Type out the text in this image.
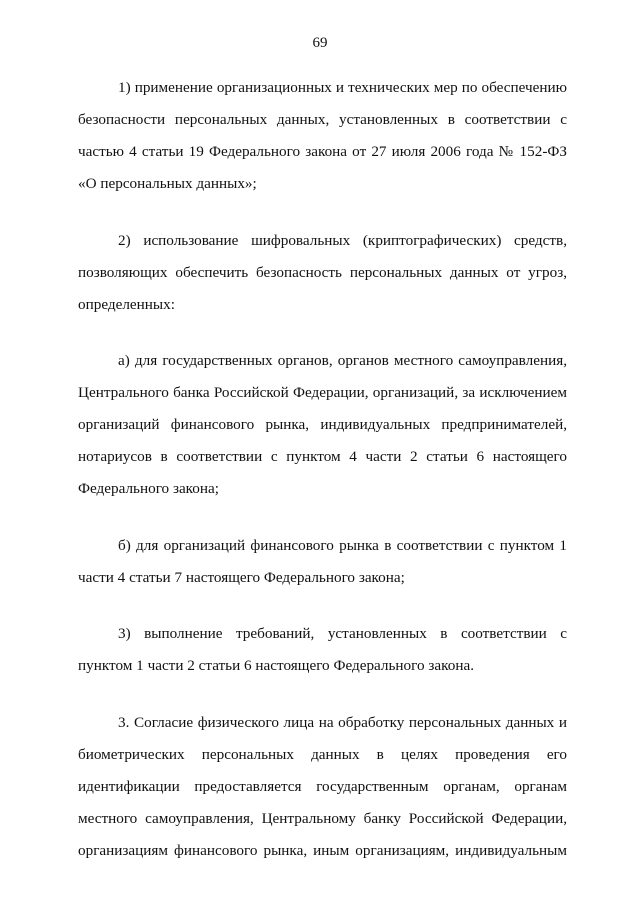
69

1) применение организационных и технических мер по обеспечению
безопасности персональных данных, установленных в соответствии с
частью 4 статьи 19 Федерального закона от 27 июля 2006 года № 152-ФЗ
«О персональных данных»;

2) использование шифровальных (криптографических) средств,
позволяющих обеспечить безопасность персональных данных от угроз,
определенных:

а) для государственных органов, органов местного самоуправления,
Центрального банка Российской Федерации, организаций, за исключением
организаций финансового рынка, индивидуальных предпринимателей,
нотариусов в соответствии с пунктом 4 части 2 статьи 6 настоящего
Федерального закона;

б) для организаций финансового рынка в соответствии с пунктом 1
части 4 статьи 7 настоящего Федерального закона;

3) выполнение требований, установленных в соответствии с
пунктом 1 части 2 статьи 6 настоящего Федерального закона.

3. Согласие физического лица на обработку персональных данных и
биометрических персональных данных в целях проведения его
идентификации предоставляется государственным органам, органам
местного самоуправления, Центральному банку Российской Федерации,
организациям финансового рынка, иным организациям, индивидуальным
